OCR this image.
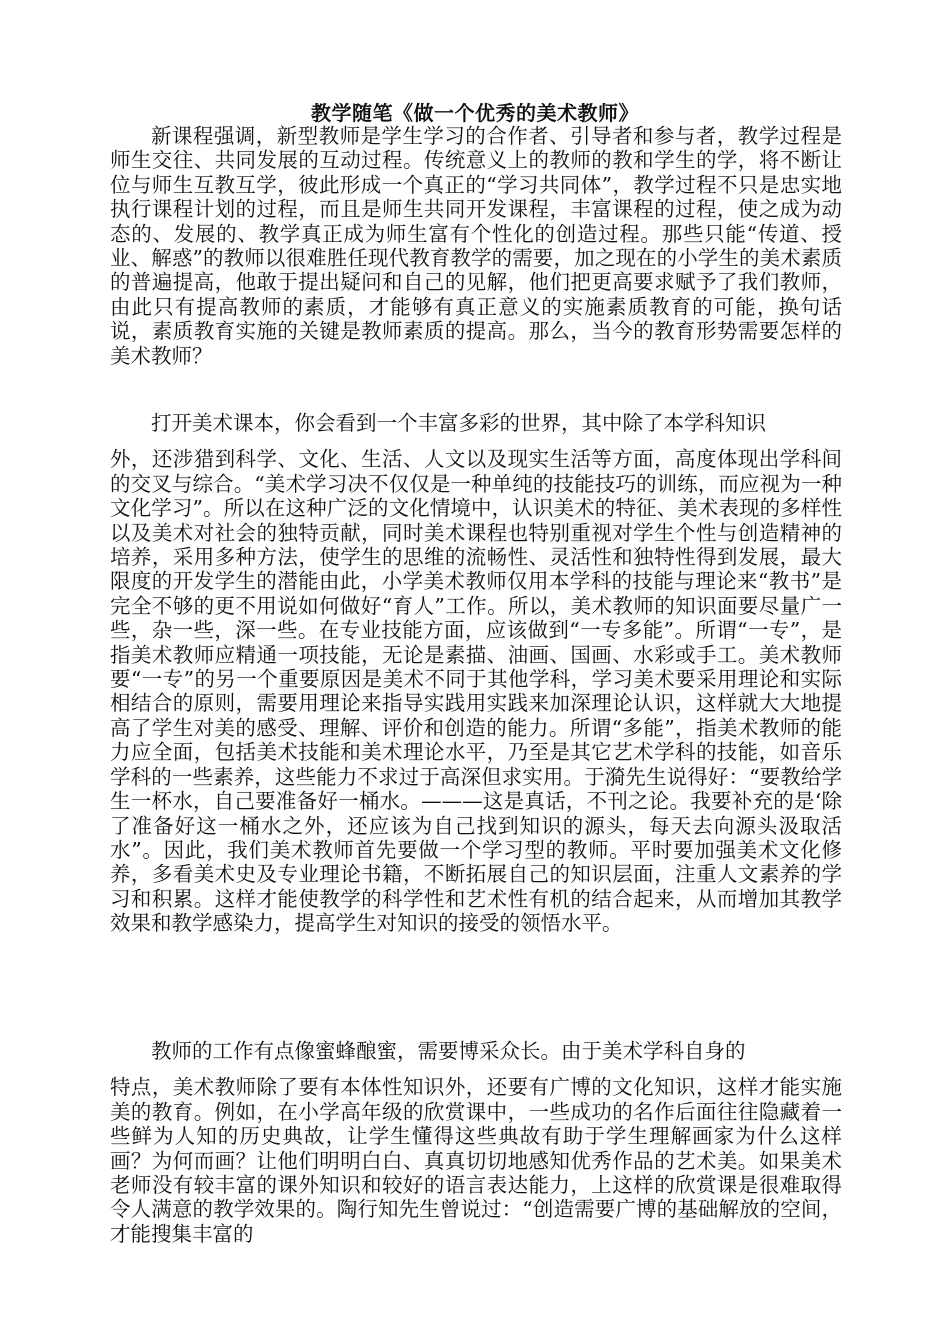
教学随笔《做一个优秀的美术教师》

新课程强调，新型教师是学生学习的合作者、引导者和参与者，教学过程是师生交往、共同发展的互动过程。传统意义上的教师的教和学生的学，将不断让位与师生互教互学，彼此形成一个真正的“学习共同体”，教学过程不只是忠实地执行课程计划的过程，而且是师生共同开发课程，丰富课程的过程，使之成为动态的、发展的、教学真正成为师生富有个性化的创造过程。那些只能“传道、授业、解惑”的教师以很难胜任现代教育教学的需要，加之现在的小学生的美术素质的普遍提高，他敢于提出疑问和自己的见解，他们把更高要求赋予了我们教师，由此只有提高教师的素质，才能够有真正意义的实施素质教育的可能，换句话说，素质教育实施的关键是教师素质的提高。那么，当今的教育形势需要怎样的美术教师？

打开美术课本，你会看到一个丰富多彩的世界，其中除了本学科知识
外，还涉猎到科学、文化、生活、人文以及现实生活等方面，高度体现出学科间的交叉与综合。“美术学习决不仅仅是一种单纯的技能技巧的训练，而应视为一种文化学习”。所以在这种广泛的文化情境中，认识美术的特征、美术表现的多样性以及美术对社会的独特贡献，同时美术课程也特别重视对学生个性与创造精神的培养，采用多种方法，使学生的思维的流畅性、灵活性和独特性得到发展，最大限度的开发学生的潜能由此，小学美术教师仅用本学科的技能与理论来“教书”是完全不够的更不用说如何做好“育人”工作。所以，美术教师的知识面要尽量广一些，杂一些，深一些。在专业技能方面，应该做到“一专多能”。所谓“一专”，是指美术教师应精通一项技能，无论是素描、油画、国画、水彩或手工。美术教师要“一专”的另一个重要原因是美术不同于其他学科，学习美术要采用理论和实际相结合的原则，需要用理论来指导实践用实践来加深理论认识，这样就大大地提高了学生对美的感受、理解、评价和创造的能力。所谓“多能”，指美术教师的能力应全面，包括美术技能和美术理论水平，乃至是其它艺术学科的技能，如音乐学科的一些素养，这些能力不求过于高深但求实用。于漪先生说得好：“要教给学生一杯水，自己要准备好一桶水。———这是真话，不刊之论。我要补充的是‘除了准备好这一桶水之外，还应该为自己找到知识的源头，每天去向源头汲取活水”。因此，我们美术教师首先要做一个学习型的教师。平时要加强美术文化修养，多看美术史及专业理论书籍，不断拓展自己的知识层面，注重人文素养的学习和积累。这样才能使教学的科学性和艺术性有机的结合起来，从而增加其教学效果和教学感染力，提高学生对知识的接受的领悟水平。

教师的工作有点像蜜蜂酿蜜，需要博采众长。由于美术学科自身的
特点，美术教师除了要有本体性知识外，还要有广博的文化知识，这样才能实施美的教育。例如，在小学高年级的欣赏课中，一些成功的名作后面往往隐藏着一些鲜为人知的历史典故，让学生懂得这些典故有助于学生理解画家为什么这样画？为何而画？让他们明明白白、真真切切地感知优秀作品的艺术美。如果美术老师没有较丰富的课外知识和较好的语言表达能力，上这样的欣赏课是很难取得令人满意的教学效果的。陶行知先生曾说过：“创造需要广博的基础解放的空间，才能搜集丰富的
